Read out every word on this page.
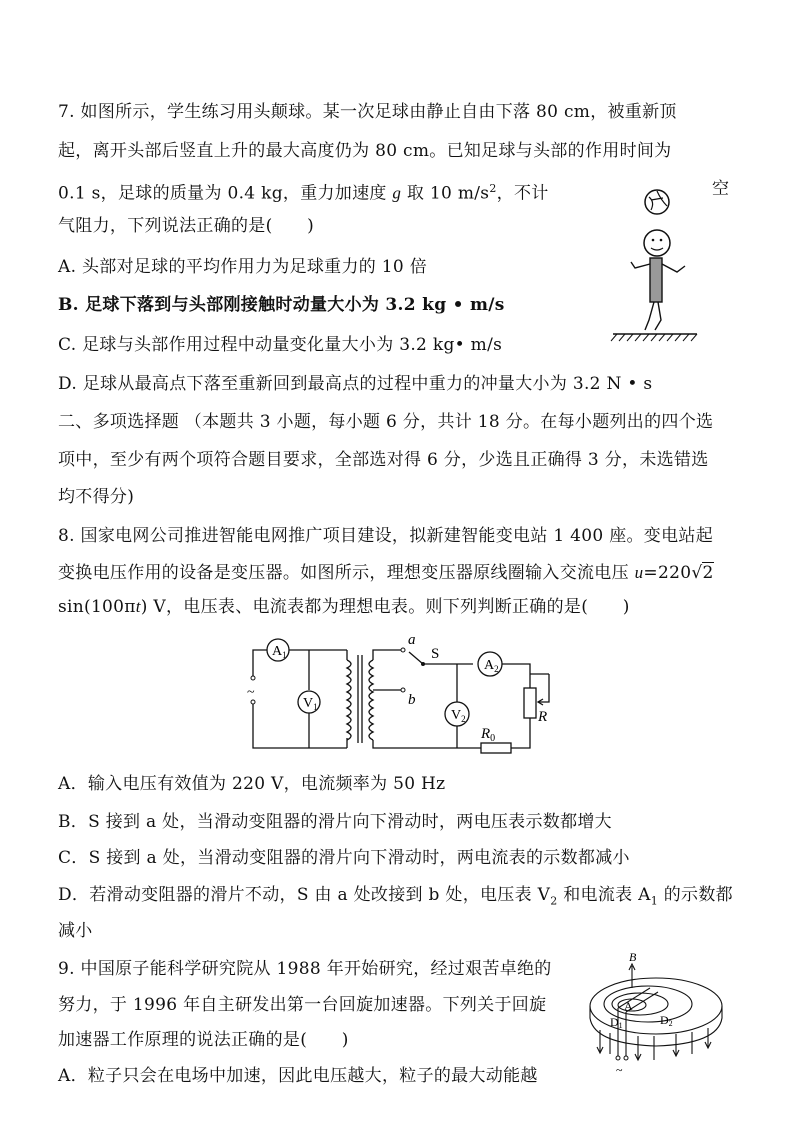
7. 如图所示，学生练习用头颠球。某一次足球由静止自由下落 80 cm，被重新顶
起，离开头部后竖直上升的最大高度仍为 80 cm。已知足球与头部的作用时间为
0.1 s，足球的质量为 0.4 kg，重力加速度 g 取 10 $m/s^2$，不计	空
气阻力，下列说法正确的是(　　)
A. 头部对足球的平均作用力为足球重力的 10 倍
B. 足球下落到与头部刚接触时动量大小为 3.2 kg • m/s
C. 足球与头部作用过程中动量变化量大小为 3.2 kg• m/s
D. 足球从最高点下落至重新回到最高点的过程中重力的冲量大小为 3.2 N • s
二、多项选择题 （本题共 3 小题，每小题 6 分，共计 18 分。在每小题列出的四个选
项中，至少有两个项符合题目要求，全部选对得 6 分，少选且正确得 3 分，未选错选
均不得分)
8. 国家电网公司推进智能电网推广项目建设，拟新建智能变电站 1 400 座。变电站起
变换电压作用的设备是变压器。如图所示，理想变压器原线圈输入交流电压 u=220√2
sin(100πt) V，电压表、电流表都为理想电表。则下列判断正确的是(　　)
~
$A_1$
$V_1$
$A_2$
$V_2$
a
b
S
R
$R_0$
A．输入电压有效值为 220 V，电流频率为 50 Hz
B．S 接到 a 处，当滑动变阻器的滑片向下滑动时，两电压表示数都增大
C．S 接到 a 处，当滑动变阻器的滑片向下滑动时，两电流表的示数都减小
D．若滑动变阻器的滑片不动，S 由 a 处改接到 b 处，电压表 $V_2$ 和电流表 $A_1$ 的示数都
减小
9. 中国原子能科学研究院从 1988 年开始研究，经过艰苦卓绝的
努力，于 1996 年自主研发出第一台回旋加速器。下列关于回旋
加速器工作原理的说法正确的是(　　)
A．粒子只会在电场中加速，因此电压越大，粒子的最大动能越
B
A
D1	D2
~
